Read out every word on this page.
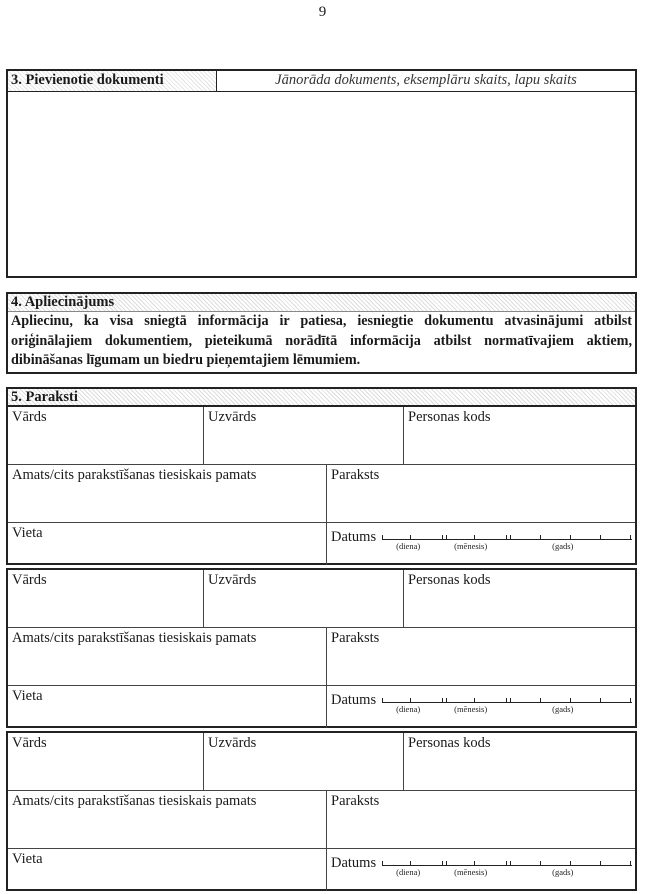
9
3. Pievienotie dokumenti	Jānorāda dokuments, eksemplāru skaits, lapu skaits
4. Apliecinājums
Apliecinu, ka visa sniegtā informācija ir patiesa, iesniegtie dokumentu atvasinājumi atbilst oriģinālajiem dokumentiem, pieteikumā norādītā informācija atbilst normatīvajiem aktiem, dibināšanas līgumam un biedru pieņemtajiem lēmumiem.
5. Paraksti
Vārds	Uzvārds	Personas kods
Amats/cits parakstīšanas tiesiskais pamats	Paraksts
Vieta	Datums
(diena)	(mēnesis)	(gads)
Vārds	Uzvārds	Personas kods
Amats/cits parakstīšanas tiesiskais pamats	Paraksts
Vieta	Datums
(diena)	(mēnesis)	(gads)
Vārds	Uzvārds	Personas kods
Amats/cits parakstīšanas tiesiskais pamats	Paraksts
Vieta	Datums
(diena)	(mēnesis)	(gads)
